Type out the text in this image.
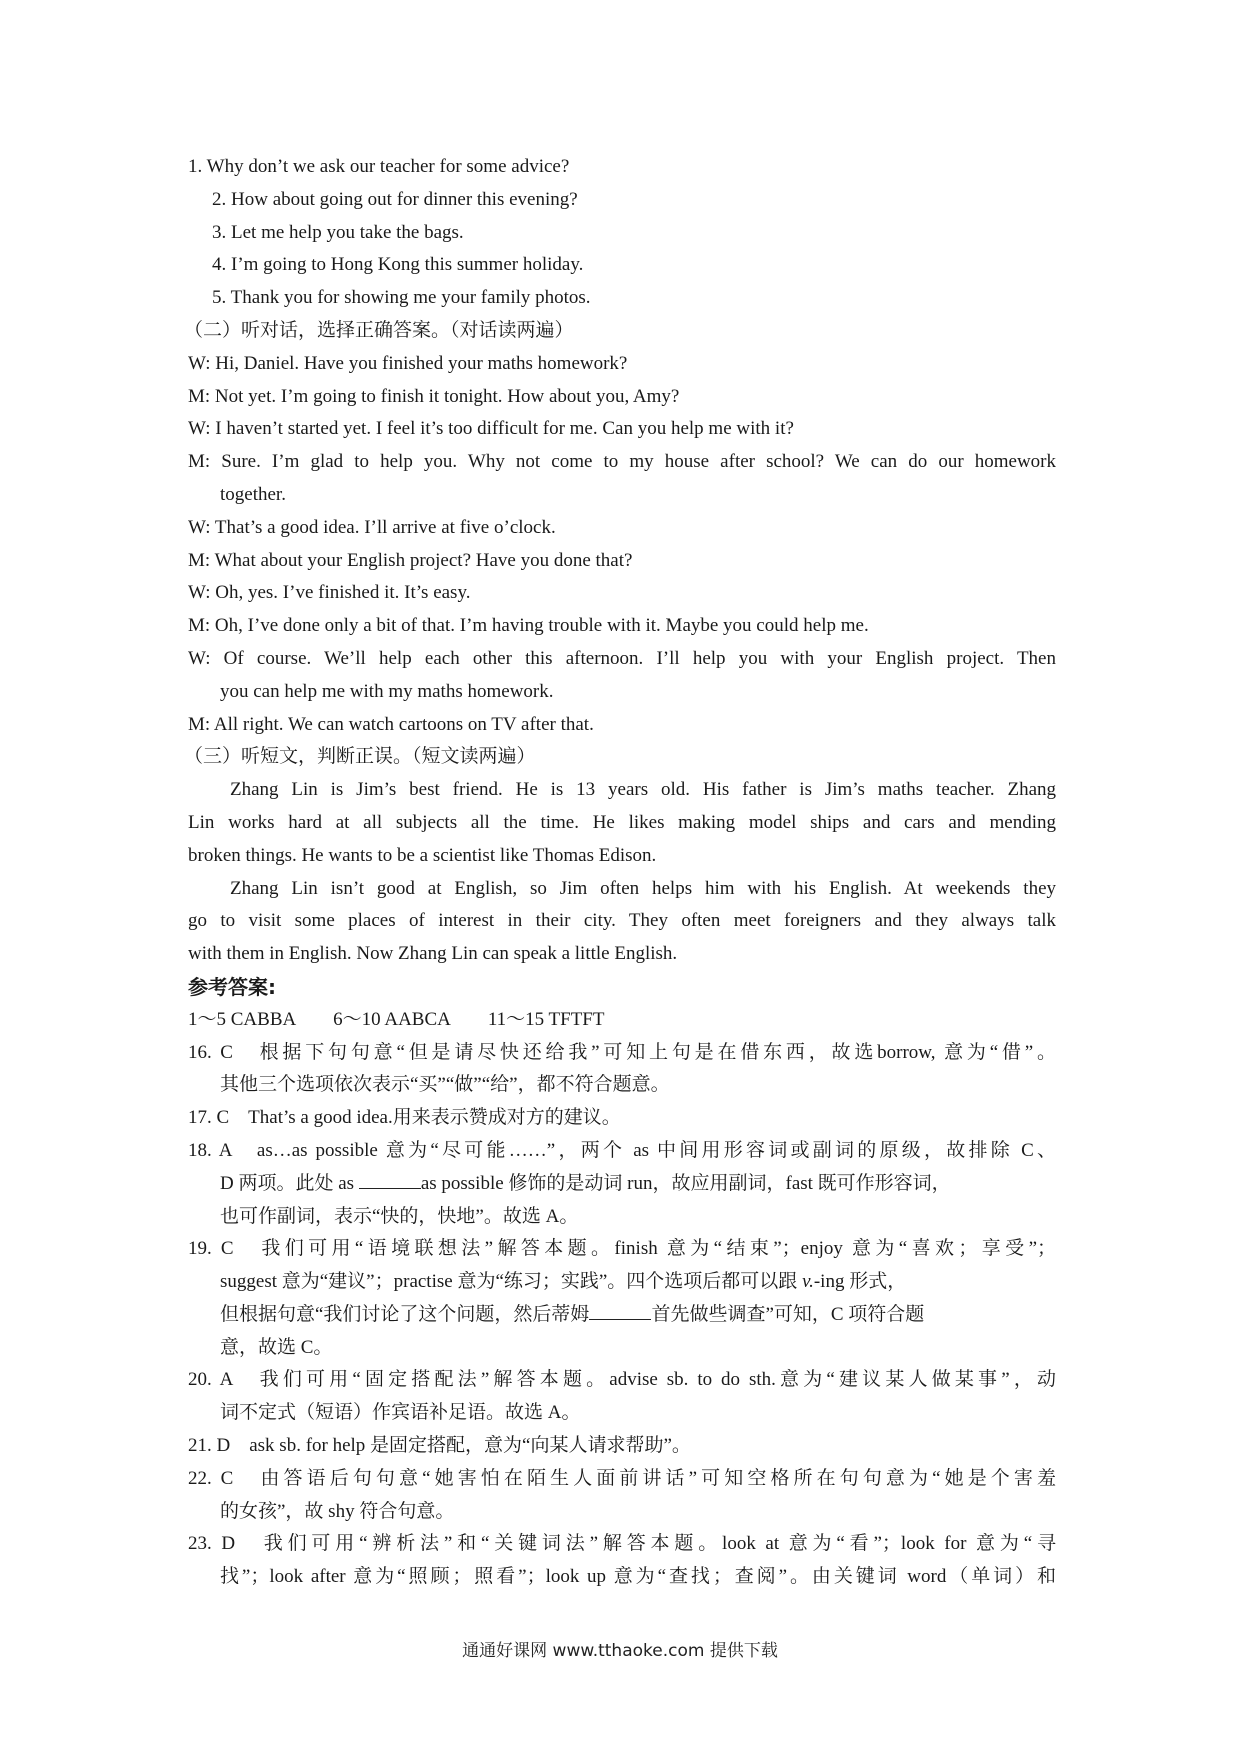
1. Why don’t we ask our teacher for some advice?
2. How about going out for dinner this evening?
3. Let me help you take the bags.
4. I’m going to Hong Kong this summer holiday.
5. Thank you for showing me your family photos.
（二）听对话，选择正确答案。（对话读两遍）
W: Hi, Daniel. Have you finished your maths homework?
M: Not yet. I’m going to finish it tonight. How about you, Amy?
W: I haven’t started yet. I feel it’s too difficult for me. Can you help me with it?
M: Sure. I’m glad to help you. Why not come to my house after school? We can do our homework
together.
W: That’s a good idea. I’ll arrive at five o’clock.
M: What about your English project? Have you done that?
W: Oh, yes. I’ve finished it. It’s easy.
M: Oh, I’ve done only a bit of that. I’m having trouble with it. Maybe you could help me.
W: Of course. We’ll help each other this afternoon. I’ll help you with your English project. Then
you can help me with my maths homework.
M: All right. We can watch cartoons on TV after that.
（三）听短文，判断正误。（短文读两遍）
Zhang Lin is Jim’s best friend. He is 13 years old. His father is Jim’s maths teacher. Zhang
Lin works hard at all subjects all the time. He likes making model ships and cars and mending
broken things. He wants to be a scientist like Thomas Edison.
Zhang Lin isn’t good at English, so Jim often helps him with his English. At weekends they
go to visit some places of interest in their city. They often meet foreigners and they always talk
with them in English. Now Zhang Lin can speak a little English.
参考答案:
1～5 CABBA　　6～10 AABCA　　11～15 TFTFT
16. C　根据下句句意“但是请尽快还给我”可知上句是在借东西，故选borrow, 意为“借”。
其他三个选项依次表示“买”“做”“给”，都不符合题意。
17. C　That’s a good idea.用来表示赞成对方的建议。
18. A　as…as possible 意为“尽可能……”，两个 as 中间用形容词或副词的原级，故排除 C、
D 两项。此处 as	as possible 修饰的是动词 run，故应用副词，fast 既可作形容词，
也可作副词，表示“快的，快地”。故选 A。
19. C　我们可用“语境联想法”解答本题。finish 意为“结束”；enjoy 意为“喜欢；享受”；
suggest 意为“建议”；practise 意为“练习；实践”。四个选项后都可以跟 v.-ing 形式，
但根据句意“我们讨论了这个问题，然后蒂姆	首先做些调查”可知，C 项符合题
意，故选 C。
20. A　我们可用“固定搭配法”解答本题。advise sb. to do sth.意为“建议某人做某事”，动
词不定式（短语）作宾语补足语。故选 A。
21. D　ask sb. for help 是固定搭配，意为“向某人请求帮助”。
22. C　由答语后句句意“她害怕在陌生人面前讲话”可知空格所在句句意为“她是个害羞
的女孩”，故 shy 符合句意。
23. D　我们可用“辨析法”和“关键词法”解答本题。look at 意为“看”；look for 意为“寻
找”；look after 意为“照顾；照看”；look up 意为“查找；查阅”。由关键词 word（单词）和
通通好课网 www.tthaoke.com 提供下载
